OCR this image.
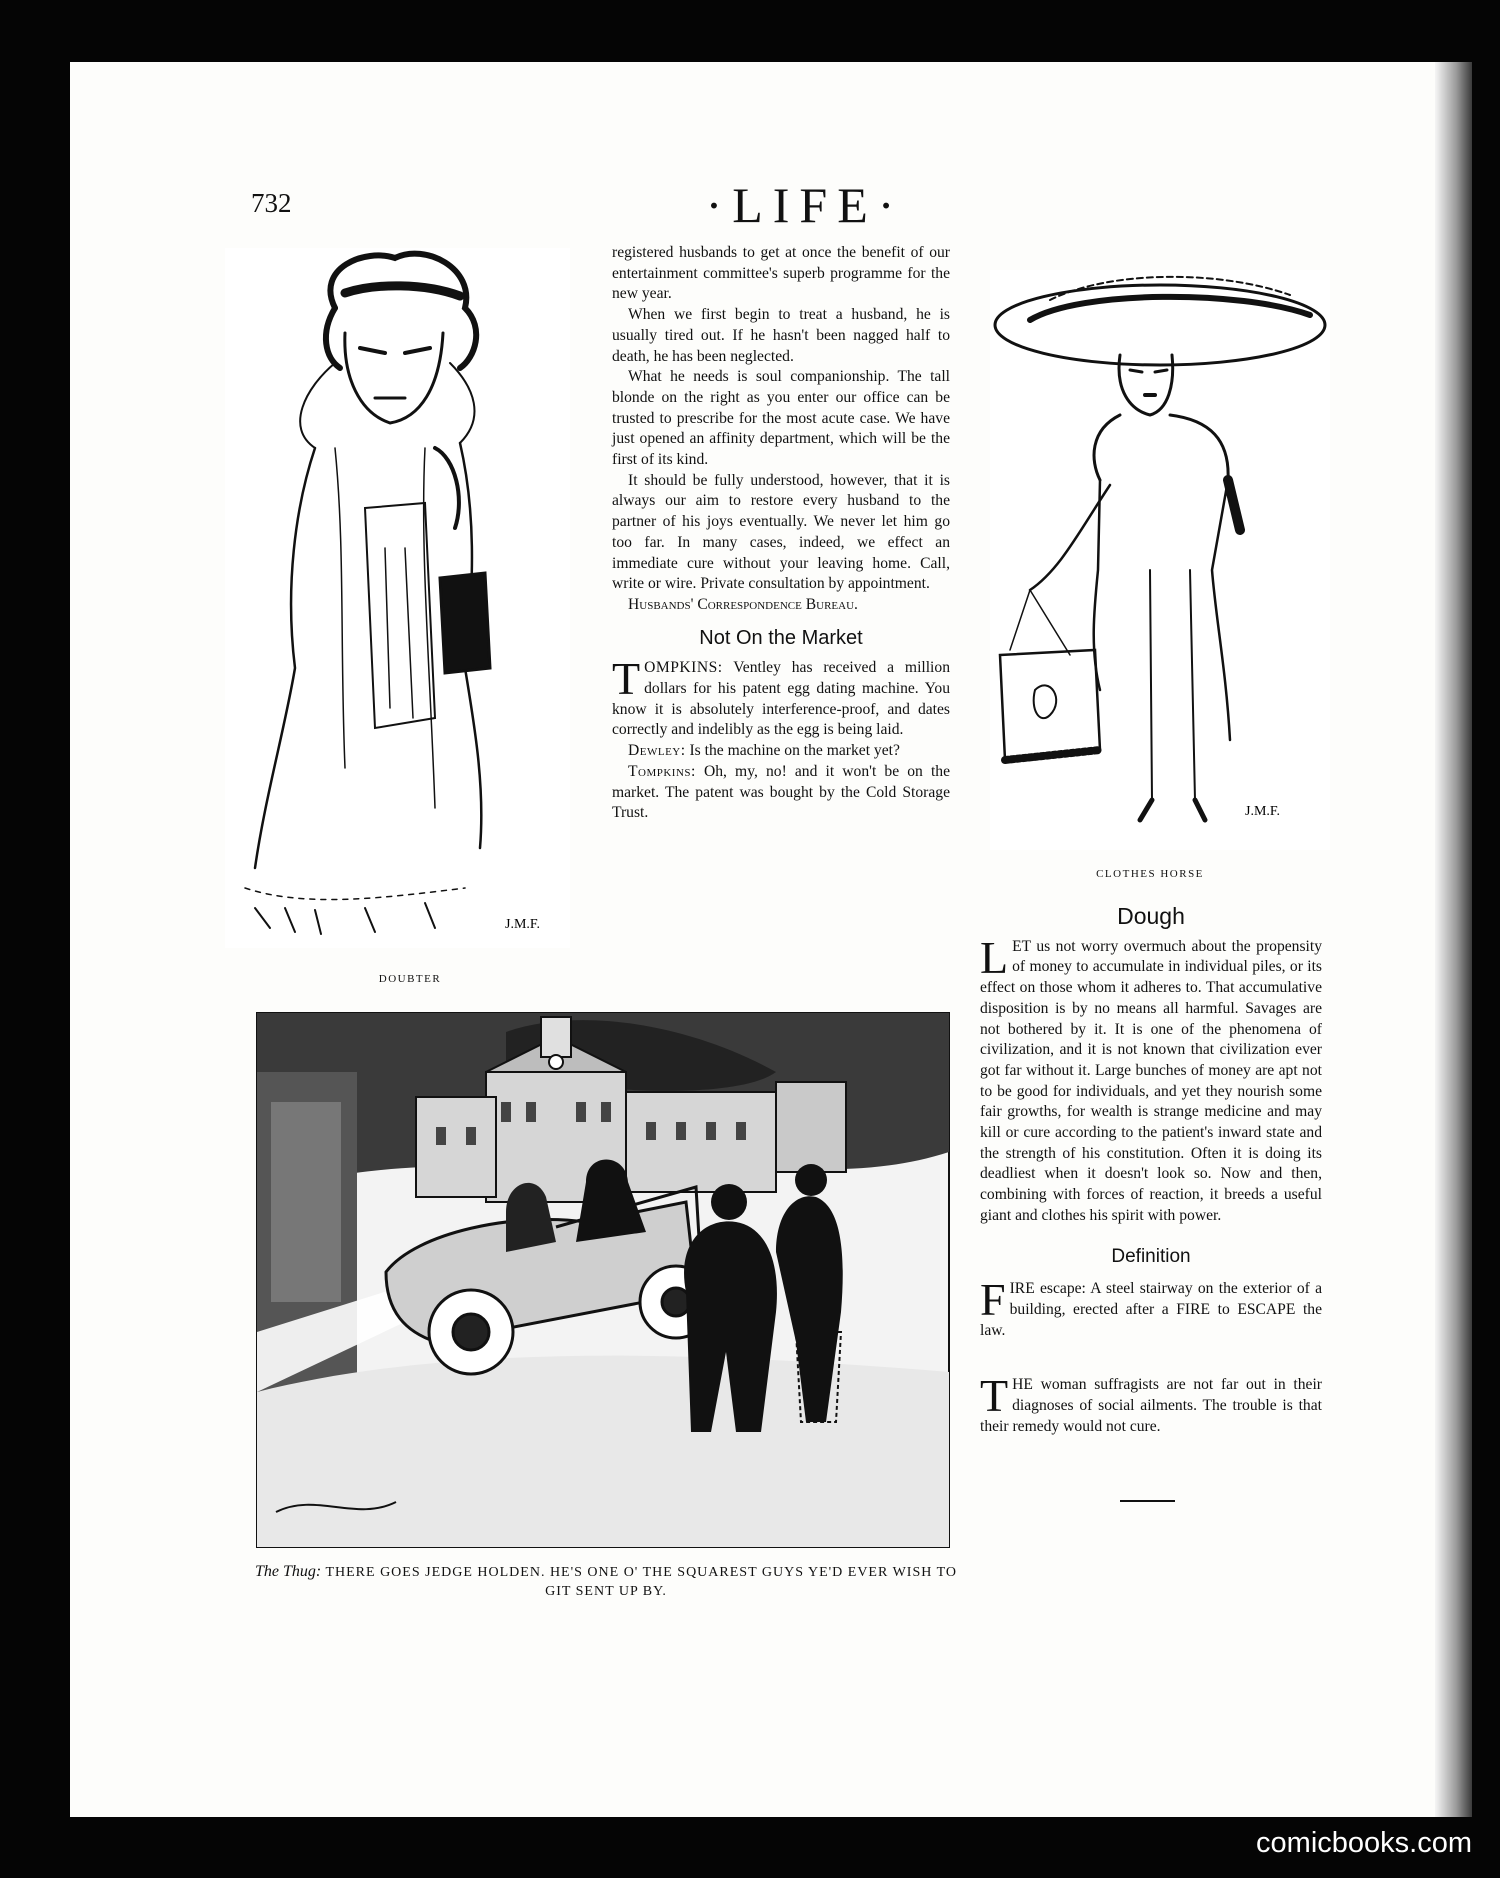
732	·LIFE·
J.M.F.
DOUBTER

registered husbands to get at once the benefit of our entertainment committee's superb programme for the new year.

When we first begin to treat a husband, he is usually tired out. If he hasn't been nagged half to death, he has been neglected.

What he needs is soul companionship. The tall blonde on the right as you enter our office can be trusted to prescribe for the most acute case. We have just opened an affinity department, which will be the first of its kind.

It should be fully understood, however, that it is always our aim to restore every husband to the partner of his joys eventually. We never let him go too far. In many cases, indeed, we effect an immediate cure without your leaving home. Call, write or wire. Private consultation by appointment.

Husbands' Correspondence Bureau.

Not On the Market

TOMPKINS: Ventley has received a million dollars for his patent egg dating machine. You know it is absolutely interference-proof, and dates correctly and indelibly as the egg is being laid.

Dewley: Is the machine on the market yet?

Tompkins: Oh, my, no! and it won't be on the market. The patent was bought by the Cold Storage Trust.	J.M.F.
CLOTHES HORSE
The Thug: THERE GOES JEDGE HOLDEN. HE'S ONE O' THE SQUAREST GUYS YE'D EVER WISH TO GIT SENT UP BY.
Dough

LET us not worry overmuch about the propensity of money to accumulate in individual piles, or its effect on those whom it adheres to. That accumulative disposition is by no means all harmful. Savages are not bothered by it. It is one of the phenomena of civilization, and it is not known that civilization ever got far without it. Large bunches of money are apt not to be good for individuals, and yet they nourish some fair growths, for wealth is strange medicine and may kill or cure according to the patient's inward state and the strength of his constitution. Often it is doing its deadliest when it doesn't look so. Now and then, combining with forces of reaction, it breeds a useful giant and clothes his spirit with power.

Definition

FIRE escape: A steel stairway on the exterior of a building, erected after a FIRE to ESCAPE the law.

THE woman suffragists are not far out in their diagnoses of social ailments. The trouble is that their remedy would not cure.

comicbooks.com
